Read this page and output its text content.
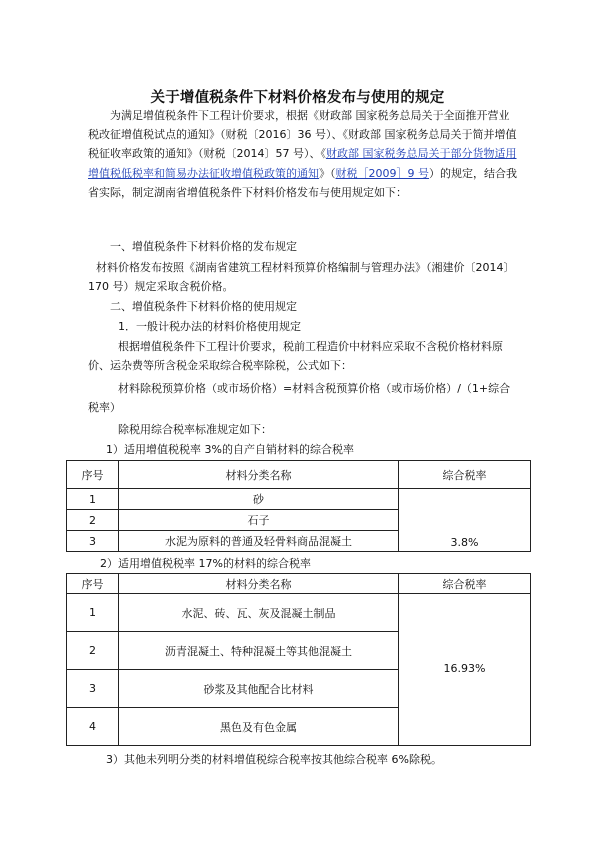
关于增值税条件下材料价格发布与使用的规定
为满足增值税条件下工程计价要求，根据《财政部 国家税务总局关于全面推开营业税改征增值税试点的通知》（财税〔2016〕36 号）、《财政部 国家税务总局关于简并增值税征收率政策的通知》（财税〔2014〕57 号）、《财政部 国家税务总局关于部分货物适用增值税低税率和简易办法征收增值税政策的通知》（财税［2009］9 号）的规定，结合我省实际，制定湖南省增值税条件下材料价格发布与使用规定如下：
一、增值税条件下材料价格的发布规定
材料价格发布按照《湖南省建筑工程材料预算价格编制与管理办法》（湘建价〔2014〕170 号）规定采取含税价格。
二、增值税条件下材料价格的使用规定
1．一般计税办法的材料价格使用规定
根据增值税条件下工程计价要求，税前工程造价中材料应采取不含税价格材料原价、运杂费等所含税金采取综合税率除税，公式如下：
材料除税预算价格（或市场价格）=材料含税预算价格（或市场价格）/（1+综合税率）
除税用综合税率标准规定如下：
1）适用增值税税率 3%的自产自销材料的综合税率
序号	材料分类名称	综合税率
1	砂	3.8%

2	石子	
3	水泥为原料的普通及轻骨料商品混凝土	
2）适用增值税税率 17%的材料的综合税率
序号	材料分类名称	综合税率
1	水泥、砖、瓦、灰及混凝土制品	16.93%

2	沥青混凝土、特种混凝土等其他混凝土	
3	砂浆及其他配合比材料	
4	黑色及有色金属	
3）其他未列明分类的材料增值税综合税率按其他综合税率 6%除税。
